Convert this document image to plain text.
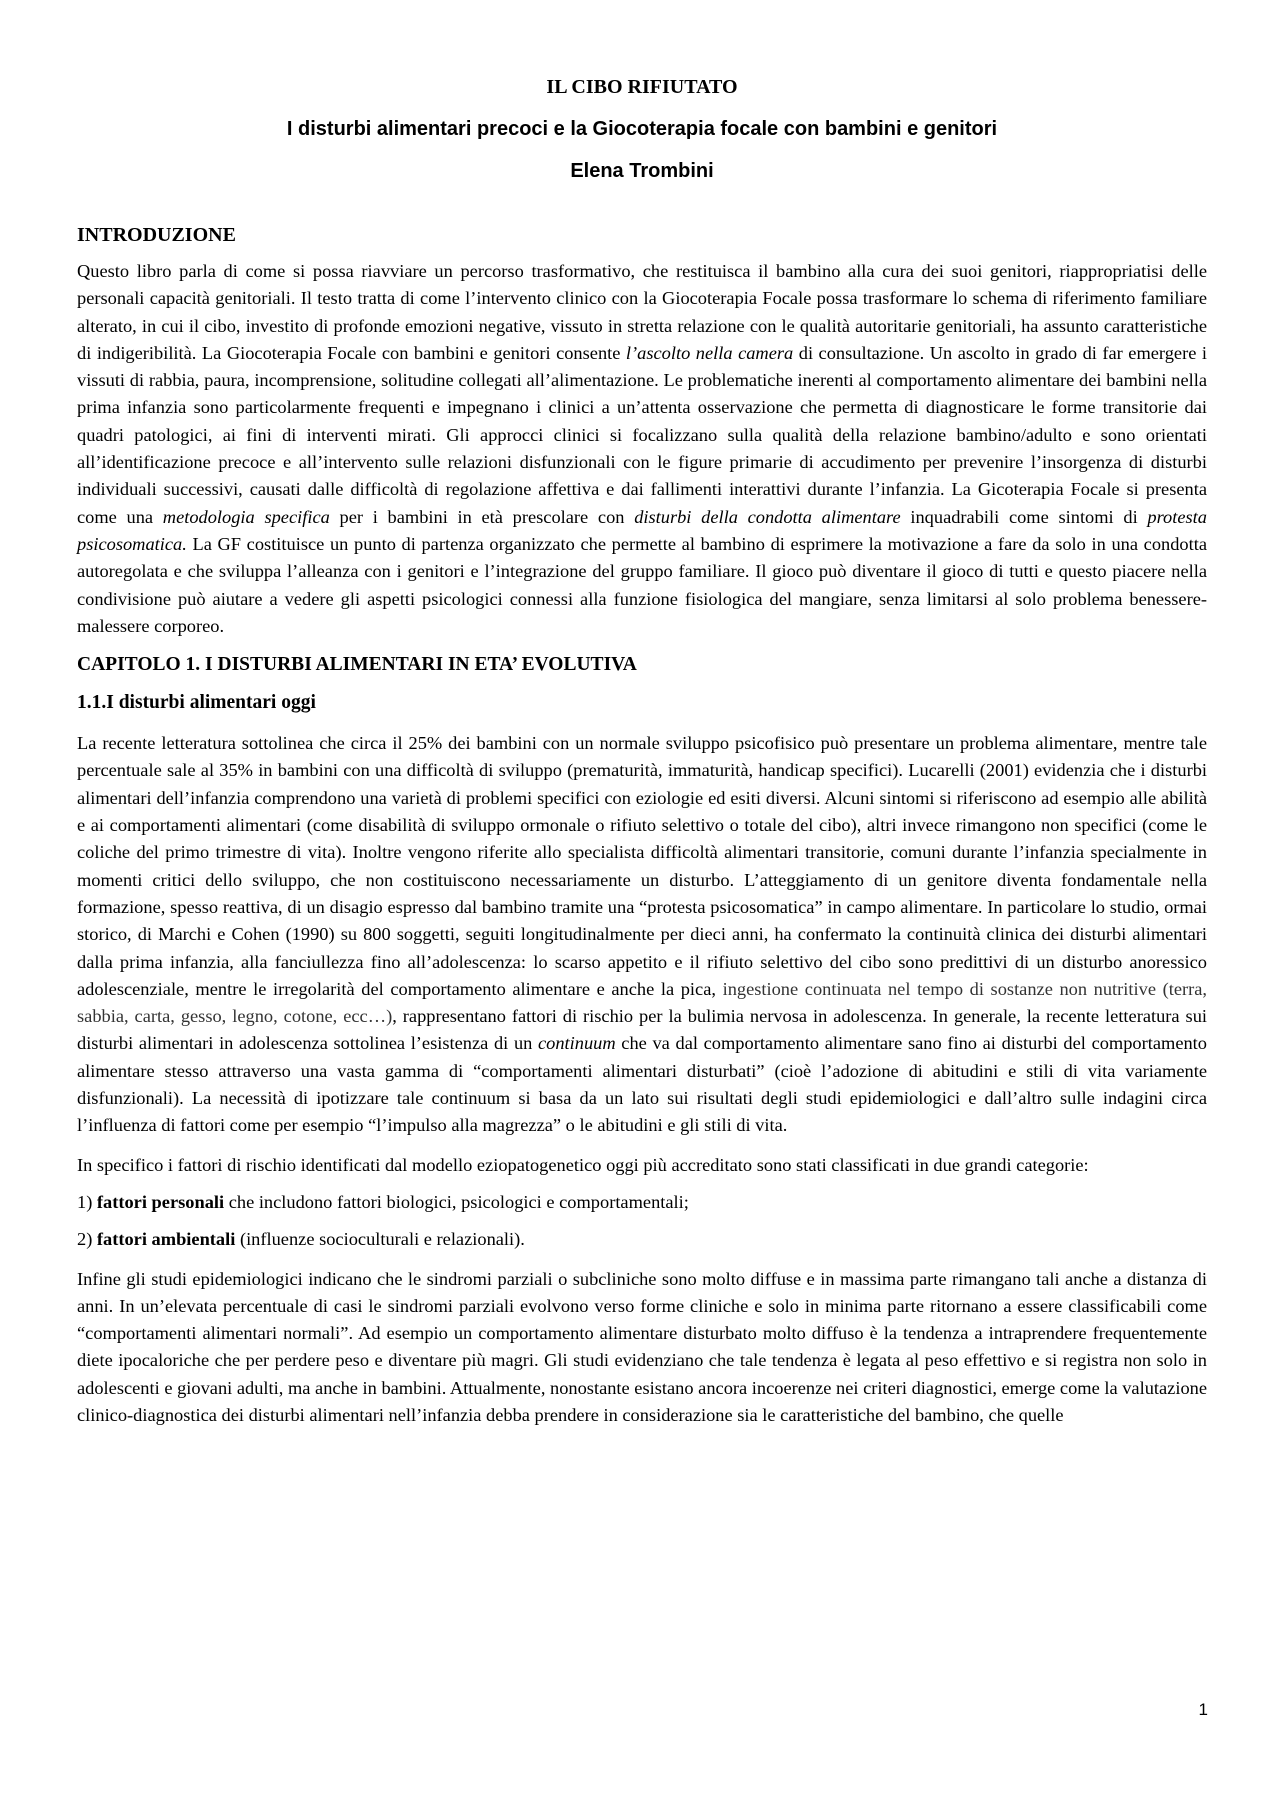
IL CIBO RIFIUTATO
I disturbi alimentari precoci e la Giocoterapia focale con bambini e genitori
Elena Trombini
INTRODUZIONE

Questo libro parla di come si possa riavviare un percorso trasformativo, che restituisca il bambino alla cura dei suoi genitori, riappropriatisi delle personali capacità genitoriali. Il testo tratta di come l’intervento clinico con la Giocoterapia Focale possa trasformare lo schema di riferimento familiare alterato, in cui il cibo, investito di profonde emozioni negative, vissuto in stretta relazione con le qualità autoritarie genitoriali, ha assunto caratteristiche di indigeribilità. La Giocoterapia Focale con bambini e genitori consente l’ascolto nella camera di consultazione. Un ascolto in grado di far emergere i vissuti di rabbia, paura, incomprensione, solitudine collegati all’alimentazione. Le problematiche inerenti al comportamento alimentare dei bambini nella prima infanzia sono particolarmente frequenti e impegnano i clinici a un’attenta osservazione che permetta di diagnosticare le forme transitorie dai quadri patologici, ai fini di interventi mirati. Gli approcci clinici si focalizzano sulla qualità della relazione bambino/adulto e sono orientati all’identificazione precoce e all’intervento sulle relazioni disfunzionali con le figure primarie di accudimento per prevenire l’insorgenza di disturbi individuali successivi, causati dalle difficoltà di regolazione affettiva e dai fallimenti interattivi durante l’infanzia. La Gicoterapia Focale si presenta come una metodologia specifica per i bambini in età prescolare con disturbi della condotta alimentare inquadrabili come sintomi di protesta psicosomatica. La GF costituisce un punto di partenza organizzato che permette al bambino di esprimere la motivazione a fare da solo in una condotta autoregolata e che sviluppa l’alleanza con i genitori e l’integrazione del gruppo familiare. Il gioco può diventare il gioco di tutti e questo piacere nella condivisione può aiutare a vedere gli aspetti psicologici connessi alla funzione fisiologica del mangiare, senza limitarsi al solo problema benessere-malessere corporeo.

CAPITOLO 1. I DISTURBI ALIMENTARI IN ETA’ EVOLUTIVA
1.1.I disturbi alimentari oggi

La recente letteratura sottolinea che circa il 25% dei bambini con un normale sviluppo psicofisico può presentare un problema alimentare, mentre tale percentuale sale al 35% in bambini con una difficoltà di sviluppo (prematurità, immaturità, handicap specifici). Lucarelli (2001) evidenzia che i disturbi alimentari dell’infanzia comprendono una varietà di problemi specifici con eziologie ed esiti diversi. Alcuni sintomi si riferiscono ad esempio alle abilità e ai comportamenti alimentari (come disabilità di sviluppo ormonale o rifiuto selettivo o totale del cibo), altri invece rimangono non specifici (come le coliche del primo trimestre di vita). Inoltre vengono riferite allo specialista difficoltà alimentari transitorie, comuni durante l’infanzia specialmente in momenti critici dello sviluppo, che non costituiscono necessariamente un disturbo. L’atteggiamento di un genitore diventa fondamentale nella formazione, spesso reattiva, di un disagio espresso dal bambino tramite una “protesta psicosomatica” in campo alimentare. In particolare lo studio, ormai storico, di Marchi e Cohen (1990) su 800 soggetti, seguiti longitudinalmente per dieci anni, ha confermato la continuità clinica dei disturbi alimentari dalla prima infanzia, alla fanciullezza fino all’adolescenza: lo scarso appetito e il rifiuto selettivo del cibo sono predittivi di un disturbo anoressico adolescenziale, mentre le irregolarità del comportamento alimentare e anche la pica, ingestione continuata nel tempo di sostanze non nutritive (terra, sabbia, carta, gesso, legno, cotone, ecc…), rappresentano fattori di rischio per la bulimia nervosa in adolescenza. In generale, la recente letteratura sui disturbi alimentari in adolescenza sottolinea l’esistenza di un continuum che va dal comportamento alimentare sano fino ai disturbi del comportamento alimentare stesso attraverso una vasta gamma di “comportamenti alimentari disturbati” (cioè l’adozione di abitudini e stili di vita variamente disfunzionali). La necessità di ipotizzare tale continuum si basa da un lato sui risultati degli studi epidemiologici e dall’altro sulle indagini circa l’influenza di fattori come per esempio “l’impulso alla magrezza” o le abitudini e gli stili di vita.

In specifico i fattori di rischio identificati dal modello eziopatogenetico oggi più accreditato sono stati classificati in due grandi categorie:

1) fattori personali che includono fattori biologici, psicologici e comportamentali;

2) fattori ambientali (influenze socioculturali e relazionali).

Infine gli studi epidemiologici indicano che le sindromi parziali o subcliniche sono molto diffuse e in massima parte rimangano tali anche a distanza di anni. In un’elevata percentuale di casi le sindromi parziali evolvono verso forme cliniche e solo in minima parte ritornano a essere classificabili come “comportamenti alimentari normali”. Ad esempio un comportamento alimentare disturbato molto diffuso è la tendenza a intraprendere frequentemente diete ipocaloriche che per perdere peso e diventare più magri. Gli studi evidenziano che tale tendenza è legata al peso effettivo e si registra non solo in adolescenti e giovani adulti, ma anche in bambini. Attualmente, nonostante esistano ancora incoerenze nei criteri diagnostici, emerge come la valutazione clinico-diagnostica dei disturbi alimentari nell’infanzia debba prendere in considerazione sia le caratteristiche del bambino, che quelle

1
